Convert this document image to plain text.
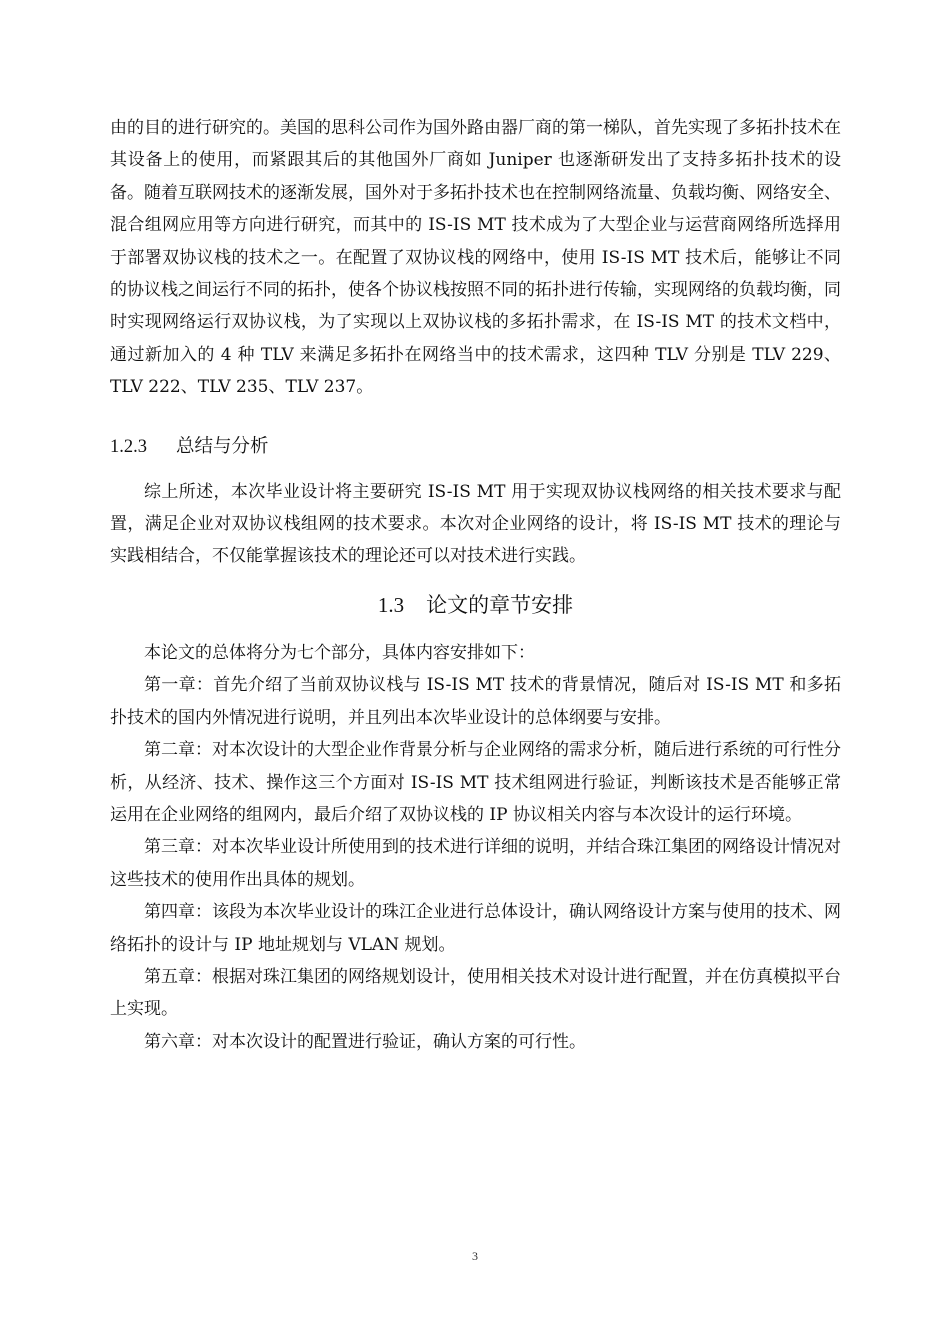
由的目的进行研究的。美国的思科公司作为国外路由器厂商的第一梯队，首先实现了多拓扑技术在其设备上的使用，而紧跟其后的其他国外厂商如 Juniper 也逐渐研发出了支持多拓扑技术的设备。随着互联网技术的逐渐发展，国外对于多拓扑技术也在控制网络流量、负载均衡、网络安全、混合组网应用等方向进行研究，而其中的 IS-IS MT 技术成为了大型企业与运营商网络所选择用于部署双协议栈的技术之一。在配置了双协议栈的网络中，使用 IS-IS MT 技术后，能够让不同的协议栈之间运行不同的拓扑，使各个协议栈按照不同的拓扑进行传输，实现网络的负载均衡，同时实现网络运行双协议栈，为了实现以上双协议栈的多拓扑需求，在 IS-IS MT 的技术文档中，通过新加入的 4 种 TLV 来满足多拓扑在网络当中的技术需求，这四种 TLV 分别是 TLV 229、TLV 222、TLV 235、TLV 237。

1.2.3 总结与分析

综上所述，本次毕业设计将主要研究 IS-IS MT 用于实现双协议栈网络的相关技术要求与配置，满足企业对双协议栈组网的技术要求。本次对企业网络的设计，将 IS-IS MT 技术的理论与实践相结合，不仅能掌握该技术的理论还可以对技术进行实践。

1.3 论文的章节安排

本论文的总体将分为七个部分，具体内容安排如下：

第一章：首先介绍了当前双协议栈与 IS-IS MT 技术的背景情况，随后对 IS-IS MT 和多拓扑技术的国内外情况进行说明，并且列出本次毕业设计的总体纲要与安排。

第二章：对本次设计的大型企业作背景分析与企业网络的需求分析，随后进行系统的可行性分析，从经济、技术、操作这三个方面对 IS-IS MT 技术组网进行验证，判断该技术是否能够正常运用在企业网络的组网内，最后介绍了双协议栈的 IP 协议相关内容与本次设计的运行环境。

第三章：对本次毕业设计所使用到的技术进行详细的说明，并结合珠江集团的网络设计情况对这些技术的使用作出具体的规划。

第四章：该段为本次毕业设计的珠江企业进行总体设计，确认网络设计方案与使用的技术、网络拓扑的设计与 IP 地址规划与 VLAN 规划。

第五章：根据对珠江集团的网络规划设计，使用相关技术对设计进行配置，并在仿真模拟平台上实现。

第六章：对本次设计的配置进行验证，确认方案的可行性。

3
